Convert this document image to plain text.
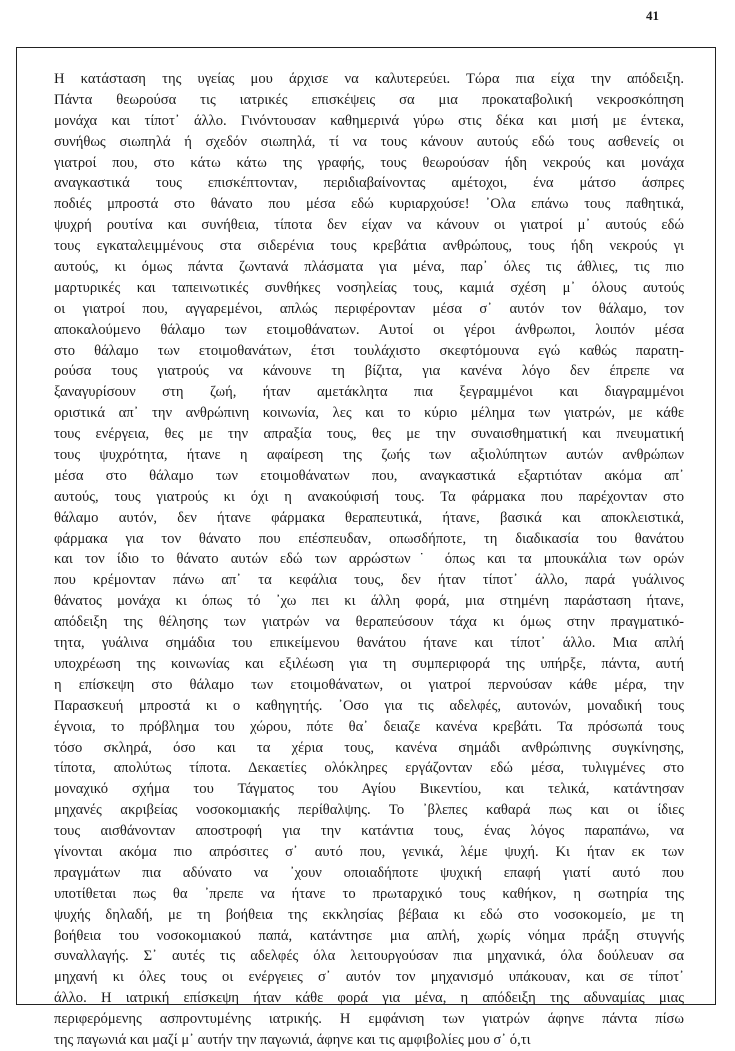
41
Η κατάσταση της υγείας μου άρχισε να καλυτερεύει. Τώρα πια είχα την απόδειξη.
Πάντα θεωρούσα τις ιατρικές επισκέψεις σα μια προκαταβολική νεκροσκόπηση
μονάχα και τίποτ᾽ άλλο. Γινόντουσαν καθημερινά γύρω στις δέκα και μισή με έντεκα,
συνήθως σιωπηλά ή σχεδόν σιωπηλά, τί να τους κάνουν αυτούς εδώ τους ασθενείς οι
γιατροί που, στο κάτω κάτω της γραφής, τους θεωρούσαν ήδη νεκρούς και μονάχα
αναγκαστικά τους επισκέπτονταν, περιδιαβαίνοντας αμέτοχοι, ένα μάτσο άσπρες
ποδιές μπροστά στο θάνατο που μέσα εδώ κυριαρχούσε! ᾽Ολα επάνω τους παθητικά,
ψυχρή ρουτίνα και συνήθεια, τίποτα δεν είχαν να κάνουν οι γιατροί μ᾽ αυτούς εδώ
τους εγκαταλειμμένους στα σιδερένια τους κρεβάτια ανθρώπους, τους ήδη νεκρούς γι
αυτούς, κι όμως πάντα ζωντανά πλάσματα για μένα, παρ᾽ όλες τις άθλιες, τις πιο
μαρτυρικές και ταπεινωτικές συνθήκες νοσηλείας τους, καμιά σχέση μ᾽ όλους αυτούς
οι γιατροί που, αγγαρεμένοι, απλώς περιφέρονταν μέσα σ᾽ αυτόν τον θάλαμο, τον
αποκαλούμενο θάλαμο των ετοιμοθάνατων. Αυτοί οι γέροι άνθρωποι, λοιπόν μέσα
στο θάλαμο των ετοιμοθανάτων, έτσι τουλάχιστο σκεφτόμουνα εγώ καθώς παρατη-
ρούσα τους γιατρούς να κάνουνε τη βίζιτα, για κανένα λόγο δεν έπρεπε να
ξαναγυρίσουν στη ζωή, ήταν αμετάκλητα πια ξεγραμμένοι και διαγραμμένοι
οριστικά απ᾽ την ανθρώπινη κοινωνία, λες και το κύριο μέλημα των γιατρών, με κάθε
τους ενέργεια, θες με την απραξία τους, θες με την συναισθηματική και πνευματική
τους ψυχρότητα, ήτανε η αφαίρεση της ζωής των αξιολύπητων αυτών ανθρώπων
μέσα στο θάλαμο των ετοιμοθάνατων που, αναγκαστικά εξαρτιόταν ακόμα απ᾽
αυτούς, τους γιατρούς κι όχι η ανακούφισή τους. Τα φάρμακα που παρέχονταν στο
θάλαμο αυτόν, δεν ήτανε φάρμακα θεραπευτικά, ήτανε, βασικά και αποκλειστικά,
φάρμακα για τον θάνατο που επέσπευδαν, οπωσδήποτε, τη διαδικασία του θανάτου
και τον ίδιο το θάνατο αυτών εδώ των αρρώστων˙ όπως και τα μπουκάλια των ορών
που κρέμονταν πάνω απ᾽ τα κεφάλια τους, δεν ήταν τίποτ᾽ άλλο, παρά γυάλινος
θάνατος μονάχα κι όπως τό ᾽χω πει κι άλλη φορά, μια στημένη παράσταση ήτανε,
απόδειξη της θέλησης των γιατρών να θεραπεύσουν τάχα κι όμως στην πραγματικό-
τητα, γυάλινα σημάδια του επικείμενου θανάτου ήτανε και τίποτ᾽ άλλο. Μια απλή
υποχρέωση της κοινωνίας και εξιλέωση για τη συμπεριφορά της υπήρξε, πάντα, αυτή
η επίσκεψη στο θάλαμο των ετοιμοθάνατων, οι γιατροί περνούσαν κάθε μέρα, την
Παρασκευή μπροστά κι ο καθηγητής. ᾽Οσο για τις αδελφές, αυτονών, μοναδική τους
έγνοια, το πρόβλημα του χώρου, πότε θα᾽ δειαζε κανένα κρεβάτι. Τα πρόσωπά τους
τόσο σκληρά, όσο και τα χέρια τους, κανένα σημάδι ανθρώπινης συγκίνησης,
τίποτα, απολύτως τίποτα. Δεκαετίες ολόκληρες εργάζονταν εδώ μέσα, τυλιγμένες στο
μοναχικό σχήμα του Τάγματος του Αγίου Βικεντίου, και τελικά, κατάντησαν
μηχανές ακριβείας νοσοκομιακής περίθαλψης. Το ᾽βλεπες καθαρά πως και οι ίδιες
τους αισθάνονταν αποστροφή για την κατάντια τους, ένας λόγος παραπάνω, να
γίνονται ακόμα πιο απρόσιτες σ᾽ αυτό που, γενικά, λέμε ψυχή. Κι ήταν εκ των
πραγμάτων πια αδύνατο να ᾽χουν οποιαδήποτε ψυχική επαφή γιατί αυτό που
υποτίθεται πως θα ᾽πρεπε να ήτανε το πρωταρχικό τους καθήκον, η σωτηρία της
ψυχής δηλαδή, με τη βοήθεια της εκκλησίας βέβαια κι εδώ στο νοσοκομείο, με τη
βοήθεια του νοσοκομιακού παπά, κατάντησε μια απλή, χωρίς νόημα πράξη στυγνής
συναλλαγής. Σ᾽ αυτές τις αδελφές όλα λειτουργούσαν πια μηχανικά, όλα δούλευαν σα
μηχανή κι όλες τους οι ενέργειες σ᾽ αυτόν τον μηχανισμό υπάκουαν, και σε τίποτ᾽
άλλο. Η ιατρική επίσκεψη ήταν κάθε φορά για μένα, η απόδειξη της αδυναμίας μιας
περιφερόμενης ασπροντυμένης ιατρικής. Η εμφάνιση των γιατρών άφηνε πάντα πίσω
της παγωνιά και μαζί μ᾽ αυτήν την παγωνιά, άφηνε και τις αμφιβολίες μου σ᾽ ό,τι
